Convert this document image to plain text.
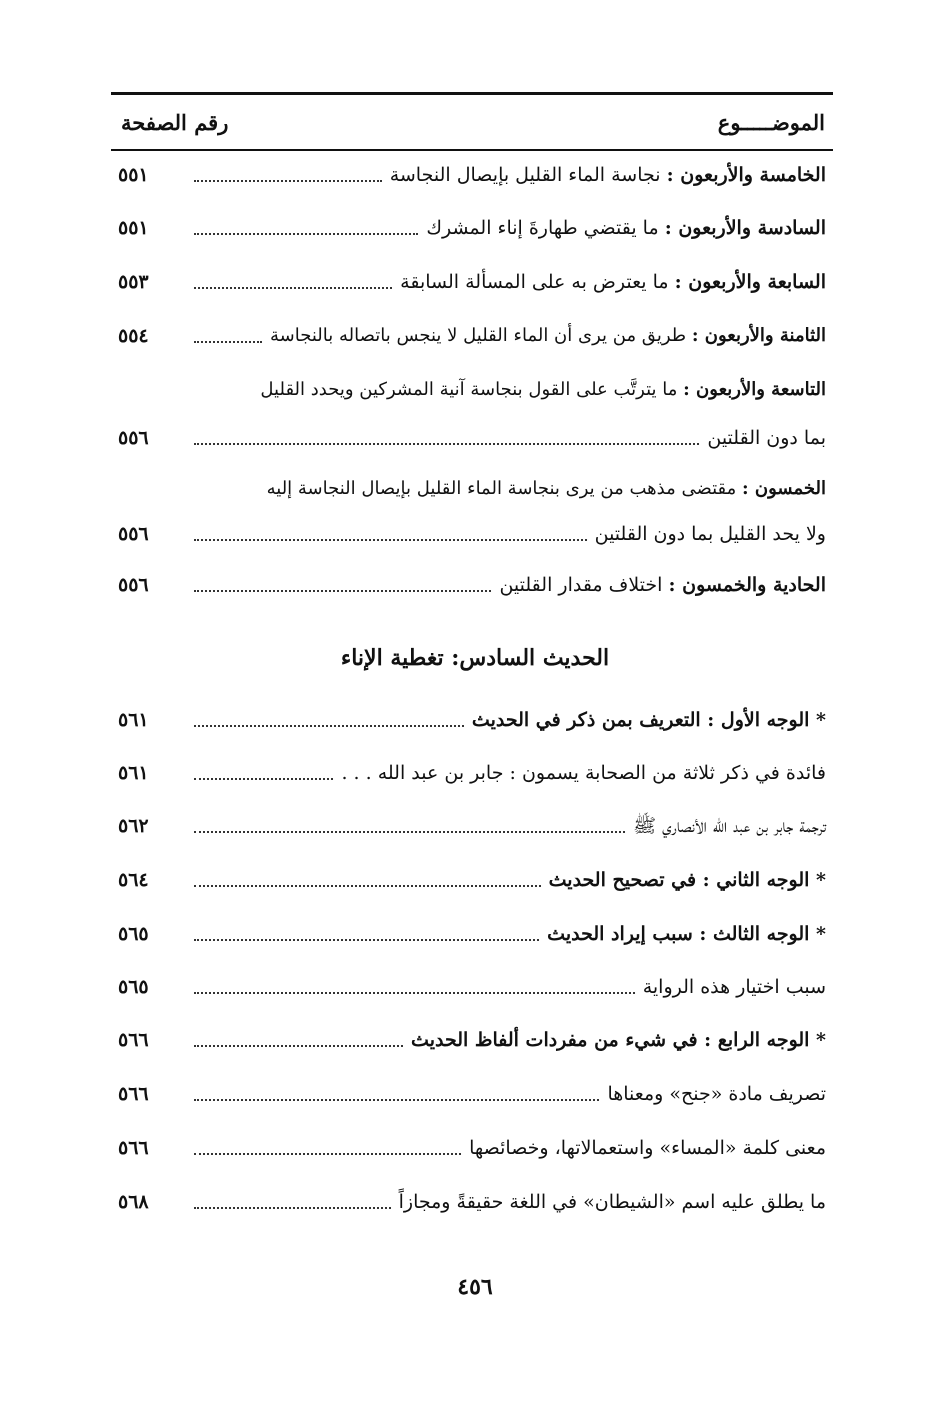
الموضـــــوع
رقم الصفحة
الخامسة والأربعون : نجاسة الماء القليل بإيصال النجاسة
٥٥١
السادسة والأربعون : ما يقتضي طهارةَ إناء المشرك
٥٥١
السابعة والأربعون : ما يعترض به على المسألة السابقة
٥٥٣
الثامنة والأربعون : طريق من يرى أن الماء القليل لا ينجس باتصاله بالنجاسة
٥٥٤
التاسعة والأربعون : ما يترتَّب على القول بنجاسة آنية المشركين ويحدد القليل
بما دون القلتين
٥٥٦
الخمسون : مقتضى مذهب من يرى بنجاسة الماء القليل بإيصال النجاسة إليه
ولا يحد القليل بما دون القلتين
٥٥٦
الحادية والخمسون : اختلاف مقدار القلتين
٥٥٦
الحديث السادس: تغطية الإناء
* الوجه الأول : التعريف بمن ذكر في الحديث
٥٦١
فائدة في ذكر ثلاثة من الصحابة يسمون : جابر بن عبد الله . . .
٥٦١
ترجمة جابر بن عبد الله الأنصاري ﷺ
٥٦٢
* الوجه الثاني : في تصحيح الحديث
٥٦٤
* الوجه الثالث : سبب إيراد الحديث
٥٦٥
سبب اختيار هذه الرواية
٥٦٥
* الوجه الرابع : في شيء من مفردات ألفاظ الحديث
٥٦٦
تصريف مادة «جنح» ومعناها
٥٦٦
معنى كلمة «المساء» واستعمالاتها، وخصائصها
٥٦٦
ما يطلق عليه اسم «الشيطان» في اللغة حقيقةً ومجازاً
٥٦٨
٤٥٦
